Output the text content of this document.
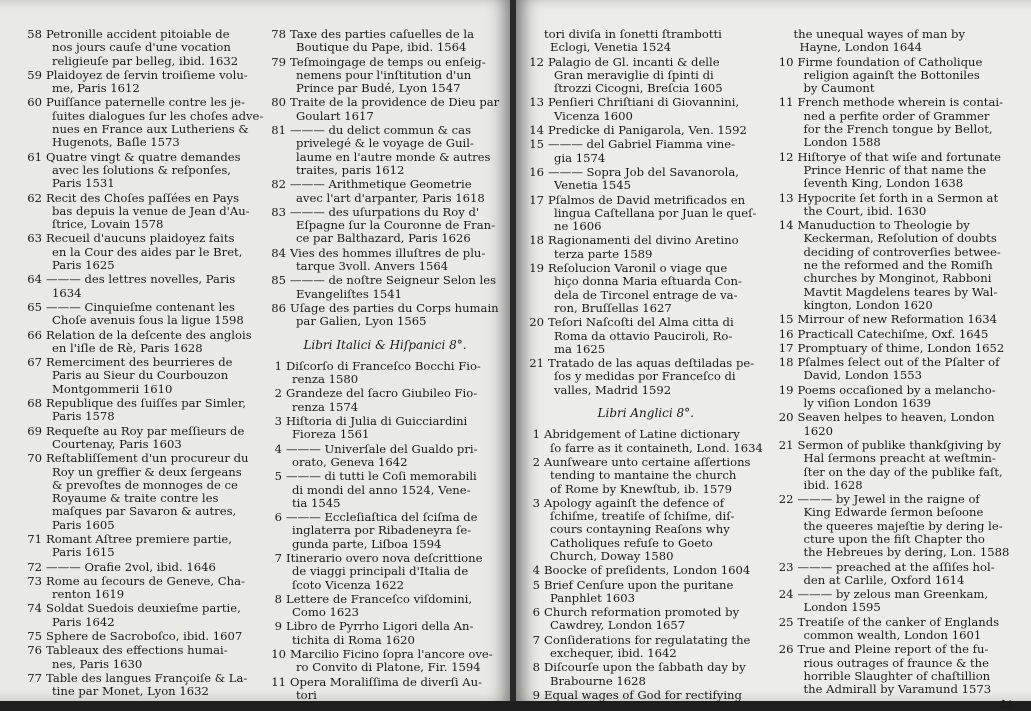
58 Petronille accident pitoiable de
nos jours cauſe d'une vocation
religieuſe par belleg, ibid. 1632
59 Plaidoyez de ſervin troiſieme volu-
me, Paris 1612
60 Puiſſance paternelle contre les je-
ſuites dialogues ſur les choſes adve-
nues en France aux Lutheriens &
Hugenots, Baſle 1573
61 Quatre vingt & quatre demandes
avec les ſolutions & reſponſes,
Paris 1531
62 Recit des Choſes paſſées en Pays
bas depuis la venue de Jean d'Au-
ſtrice, Lovain 1578
63 Recueil d'aucuns plaidoyez faits
en la Cour des aides par le Bret,
Paris 1625
64 ——— des lettres novelles, Paris
1634
65 ——— Cinquieſme contenant les
Choſe avenuis ſous la ligue 1598
66 Relation de la deſcente des anglois
en l'iſle de Rè, Paris 1628
67 Remerciment des beurrieres de
Paris au Sieur du Courbouzon
Montgommerii 1610
68 Republique des ſuiſſes par Simler,
Paris 1578
69 Requeſte au Roy par meſſieurs de
Courtenay, Paris 1603
70 Reſtabliſſement d'un procureur du
Roy un greffier & deux ſergeans
& prevoſtes de monnoges de ce
Royaume & traite contre les
maſques par Savaron & autres,
Paris 1605
71 Romant Aſtree premiere partie,
Paris 1615
72 ——— Orafie 2vol, ibid. 1646
73 Rome au ſecours de Geneve, Cha-
renton 1619
74 Soldat Suedois deuxieſme partie,
Paris 1642
75 Sphere de Sacroboſco, ibid. 1607
76 Tableaux des effections humai-
nes, Paris 1630
77 Table des langues Françoiſe & La-
tine par Monet, Lyon 1632
78 Taxe des parties caſuelles de la
Boutique du Pape, ibid. 1564
79 Teſmoingage de temps ou enſeig-
nemens pour l'inſtitution d'un
Prince par Budé, Lyon 1547
80 Traite de la providence de Dieu par
Goulart 1617
81 ——— du delict commun & cas
privelegé & le voyage de Guil-
laume en l'autre monde & autres
traites, paris 1612
82 ——— Arithmetique Geometrie
avec l'art d'arpanter, Paris 1618
83 ——— des uſurpations du Roy d'
Eſpagne ſur la Couronne de Fran-
ce par Balthazard, Paris 1626
84 Vies des hommes illuſtres de plu-
tarque 3voll. Anvers 1564
85 ——— de noſtre Seigneur Selon les
Evangeliſtes 1541
86 Uſage des parties du Corps humain
par Galien, Lyon 1565
Libri Italici & Hiſpanici 8°.
1 Diſcorſo di Franceſco Bocchi Fio-
renza 1580
2 Grandeze del ſacro Giubileo Fio-
renza 1574
3 Hiſtoria di Julia di Guicciardini
Fioreza 1561
4 ——— Univerſale del Gualdo pri-
orato, Geneva 1642
5 ——— di tutti le Coſi memorabili
di mondi del anno 1524, Vene-
tia 1545
6 ——— Eccleſiaſtica del ſciſma de
inglaterra por Ribadeneyra ſe-
gunda parte, Liſboa 1594
7 Itinerario overo nova deſcrittione
de viaggi principali d'Italia de
ſcoto Vicenza 1622
8 Lettere de Franceſco viſdomini,
Como 1623
9 Libro de Pyrrho Ligori della An-
tichita di Roma 1620
10 Marcilio Ficino ſopra l'ancore ove-
ro Convito di Platone, Fir. 1594
11 Opera Moraliſſima de diverſi Au-
tori
tori diviſa in ſonetti ſtrambotti
Eclogi, Venetia 1524
12 Palagio de Gl. incanti & delle
Gran meraviglie di ſpinti di
ſtrozzi Cicogni, Breſcia 1605
13 Penſieri Chriſtiani di Giovannini,
Vicenza 1600
14 Predicke di Panigarola, Ven. 1592
15 ——— del Gabriel Fiamma vine-
gia 1574
16 ——— Sopra Job del Savanorola,
Venetia 1545
17 Pſalmos de David metrificados en
lingua Caſtellana por Juan le queſ-
ne 1606
18 Ragionamenti del divino Aretino
terza parte 1589
19 Reſolucion Varonil o viage que
hiço donna Maria eſtuarda Con-
dela de Tirconel entrage de va-
ron, Bruſſellas 1627
20 Teſori Naſcoſti del Alma citta di
Roma da ottavio Pauciroli, Ro-
ma 1625
21 Tratado de las aquas deſtiladas pe-
ſos y medidas por Franceſco di
valles, Madrid 1592
Libri Anglici 8°.
1 Abridgement of Latine dictionary
ſo farre as it containeth, Lond. 1634
2 Aunſweare unto certaine aſſertions
tending to mantaine the church
of Rome by Knewſtub, ib. 1579
3 Apology againſt the defence of
ſchiſme, treatiſe of ſchiſme, diſ-
cours contayning Reaſons why
Catholiques refuſe to Goeto
Church, Doway 1580
4 Boocke of preſidents, London 1604
5 Brief Cenſure upon the puritane
Panphlet 1603
6 Church reformation promoted by
Cawdrey, London 1657
7 Conſiderations for regulatating the
exchequer, ibid. 1642
8 Diſcourſe upon the ſabbath day by
Brabourne 1628
9 Equal wages of God for rectifying
the unequal wayes of man by
Hayne, London 1644
10 Firme foundation of Catholique
religion againſt the Bottoniles
by Caumont
11 French methode wherein is contai-
ned a perfite order of Grammer
for the French tongue by Bellot,
London 1588
12 Hiſtorye of that wiſe and fortunate
Prince Henric of that name the
ſeventh King, London 1638
13 Hypocrite ſet forth in a Sermon at
the Court, ibid. 1630
14 Manuduction to Theologie by
Keckerman, Reſolution of doubts
deciding of controverſies betwee-
ne the reformed and the Romiſh
churches by Monginot, Rabboni
Mavtit Magdelens teares by Wal-
kington, London 1620
15 Mirrour of new Reformation 1634
16 Practicall Catechiſme, Oxf. 1645
17 Promptuary of thime, London 1652
18 Pſalmes ſelect out of the Pſalter of
David, London 1553
19 Poems occaſioned by a melancho-
ly viſion London 1639
20 Seaven helpes to heaven, London
1620
21 Sermon of publike thankſgiving by
Hal ſermons preacht at weſtmin-
ſter on the day of the publike faſt,
ibid. 1628
22 ——— by Jewel in the raigne of
King Edwarde ſermon beſoone
the queeres majeſtie by dering le-
cture upon the fiſt Chapter tho
the Hebreues by dering, Lon. 1588
23 ——— preached at the aſſiſes hol-
den at Carlile, Oxford 1614
24 ——— by zelous man Greenkam,
London 1595
25 Treatiſe of the canker of Englands
common wealth, London 1601
26 True and Pleine report of the fu-
rious outrages of fraunce & the
horrible Slaughter of chaſtillion
the Admirall by Varamund 1573
Li-
